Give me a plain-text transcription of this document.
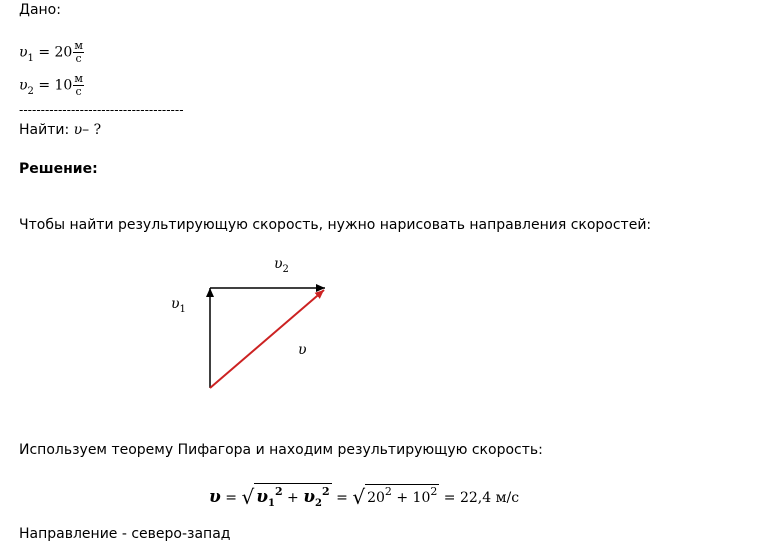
Дано:
$\upsilon_1 = 20 \frac{м}{с}$
$\upsilon_2 = 10 \frac{м}{с}$
--------------------------------------
Найти: υ– ?
Решение:
Чтобы найти результирующую скорость, нужно нарисовать направления скоростей:
$\upsilon_2$
$\upsilon_1$
υ
Используем теорему Пифагора и находим результирующую скорость:
υ = √ $\upsilon_1^2 + \upsilon_2^2$ = √ $20^2 + 10^2 = 22,4$ м/с
Направление - северо-запад
